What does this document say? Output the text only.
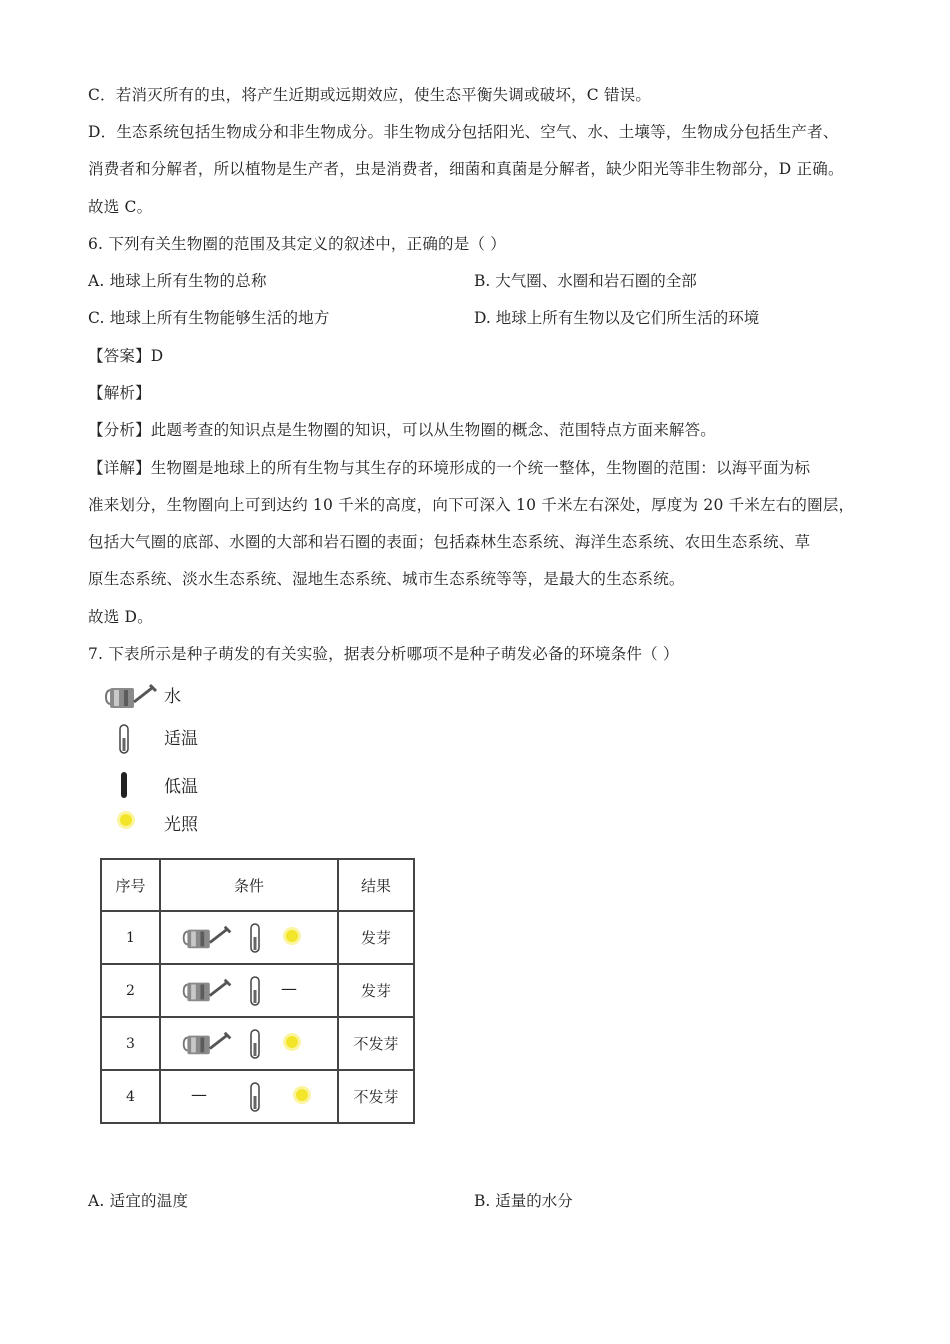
C．若消灭所有的虫，将产生近期或远期效应，使生态平衡失调或破坏，C 错误。
D．生态系统包括生物成分和非生物成分。非生物成分包括阳光、空气、水、土壤等，生物成分包括生产者、
消费者和分解者，所以植物是生产者，虫是消费者，细菌和真菌是分解者，缺少阳光等非生物部分，D 正确。
故选 C。
6. 下列有关生物圈的范围及其定义的叙述中，正确的是（ ）
A. 地球上所有生物的总称	B. 大气圈、水圈和岩石圈的全部
C. 地球上所有生物能够生活的地方	D. 地球上所有生物以及它们所生活的环境
【答案】D
【解析】
【分析】此题考查的知识点是生物圈的知识，可以从生物圈的概念、范围特点方面来解答。
【详解】生物圈是地球上的所有生物与其生存的环境形成的一个统一整体，生物圈的范围：以海平面为标
准来划分，生物圈向上可到达约 10 千米的高度，向下可深入 10 千米左右深处，厚度为 20 千米左右的圈层，
包括大气圈的底部、水圈的大部和岩石圈的表面；包括森林生态系统、海洋生态系统、农田生态系统、草
原生态系统、淡水生态系统、湿地生态系统、城市生态系统等等，是最大的生态系统。
故选 D。
7. 下表所示是种子萌发的有关实验，据表分析哪项不是种子萌发必备的环境条件（ ）
水
适温
低温
光照
序号	条件	结果
1		发芽
2	—	发芽
3		不发芽
4	—	不发芽
A. 适宜的温度	B. 适量的水分
